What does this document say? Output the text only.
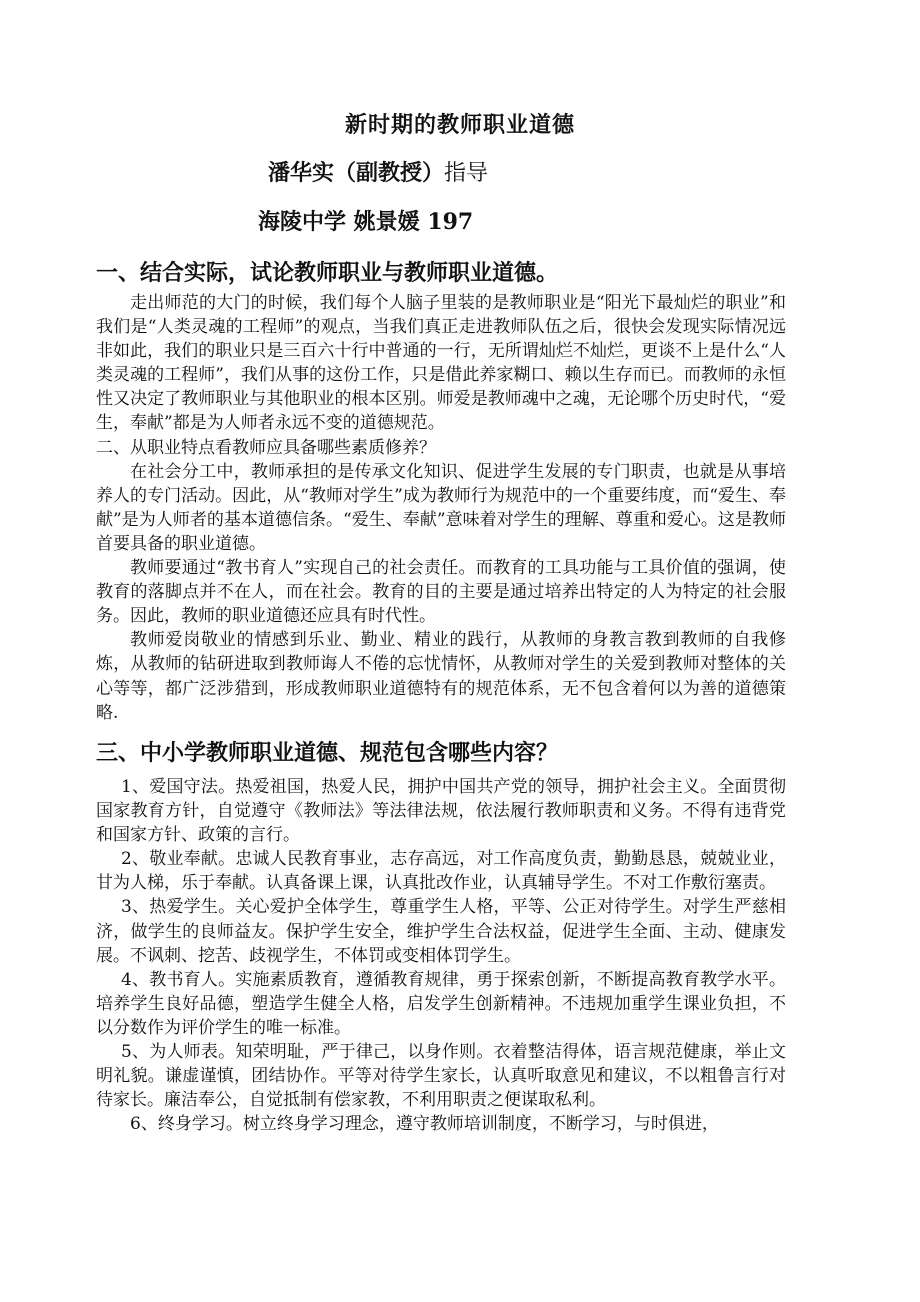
新时期的教师职业道德
潘华实（副教授）指导
海陵中学 姚景媛 197
一、结合实际，试论教师职业与教师职业道德。

走出师范的大门的时候，我们每个人脑子里装的是教师职业是“阳光下最灿烂的职业”和我们是“人类灵魂的工程师”的观点，当我们真正走进教师队伍之后，很快会发现实际情况远非如此，我们的职业只是三百六十行中普通的一行，无所谓灿烂不灿烂，更谈不上是什么“人类灵魂的工程师”，我们从事的这份工作，只是借此养家糊口、赖以生存而已。而教师的永恒性又决定了教师职业与其他职业的根本区别。师爱是教师魂中之魂，无论哪个历史时代，“爱生，奉献”都是为人师者永远不变的道德规范。

二、从职业特点看教师应具备哪些素质修养？

在社会分工中，教师承担的是传承文化知识、促进学生发展的专门职责，也就是从事培养人的专门活动。因此，从“教师对学生”成为教师行为规范中的一个重要纬度，而“爱生、奉献”是为人师者的基本道德信条。“爱生、奉献”意味着对学生的理解、尊重和爱心。这是教师首要具备的职业道德。

教师要通过“教书育人”实现自己的社会责任。而教育的工具功能与工具价值的强调，使教育的落脚点并不在人，而在社会。教育的目的主要是通过培养出特定的人为特定的社会服务。因此，教师的职业道德还应具有时代性。

教师爱岗敬业的情感到乐业、勤业、精业的践行，从教师的身教言教到教师的自我修炼，从教师的钻研进取到教师诲人不倦的忘忧情怀，从教师对学生的关爱到教师对整体的关心等等，都广泛涉猎到，形成教师职业道德特有的规范体系，无不包含着何以为善的道德策略.

三、中小学教师职业道德、规范包含哪些内容？

1、爱国守法。热爱祖国，热爱人民，拥护中国共产党的领导，拥护社会主义。全面贯彻国家教育方针，自觉遵守《教师法》等法律法规，依法履行教师职责和义务。不得有违背党和国家方针、政策的言行。

2、敬业奉献。忠诚人民教育事业，志存高远，对工作高度负责，勤勤恳恳，兢兢业业，甘为人梯，乐于奉献。认真备课上课，认真批改作业，认真辅导学生。不对工作敷衍塞责。

3、热爱学生。关心爱护全体学生，尊重学生人格，平等、公正对待学生。对学生严慈相济，做学生的良师益友。保护学生安全，维护学生合法权益，促进学生全面、主动、健康发展。不讽刺、挖苦、歧视学生，不体罚或变相体罚学生。

4、教书育人。实施素质教育，遵循教育规律，勇于探索创新，不断提高教育教学水平。培养学生良好品德，塑造学生健全人格，启发学生创新精神。不违规加重学生课业负担，不以分数作为评价学生的唯一标准。

5、为人师表。知荣明耻，严于律己，以身作则。衣着整洁得体，语言规范健康，举止文明礼貌。谦虚谨慎，团结协作。平等对待学生家长，认真听取意见和建议，不以粗鲁言行对待家长。廉洁奉公，自觉抵制有偿家教，不利用职责之便谋取私利。

6、终身学习。树立终身学习理念，遵守教师培训制度，不断学习，与时俱进，
